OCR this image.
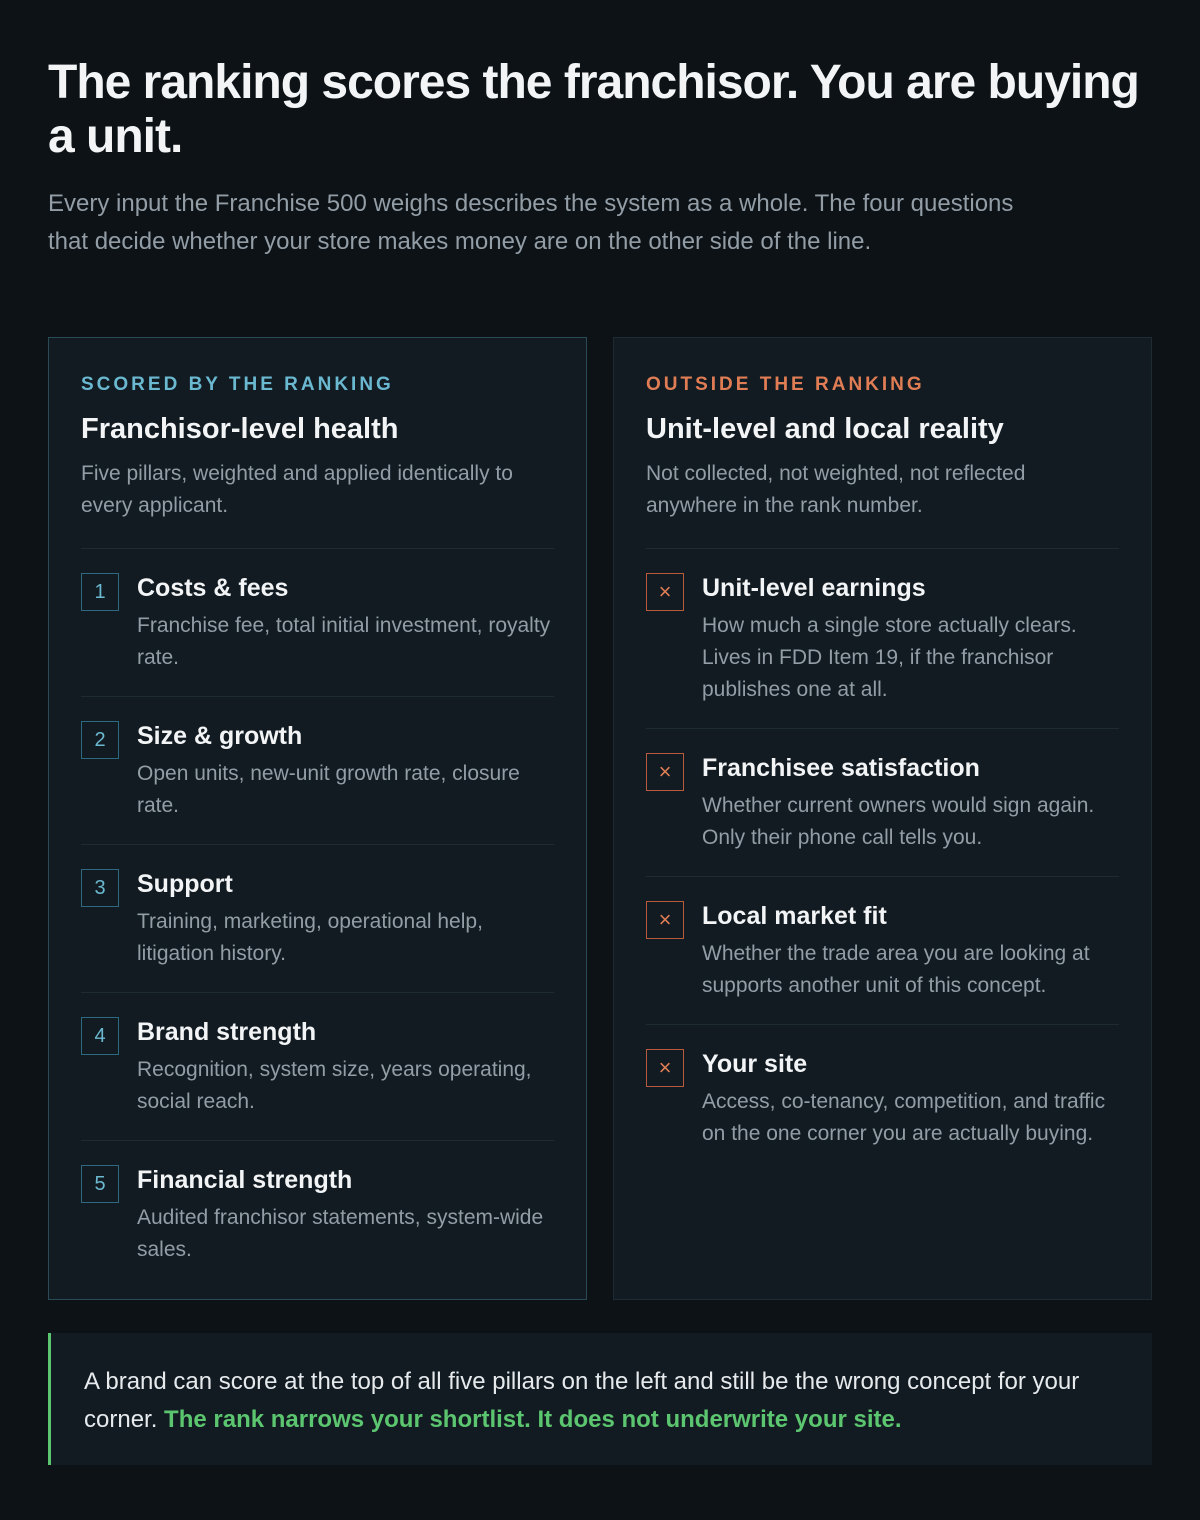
The ranking scores the franchisor. You are buying a unit.

Every input the Franchise 500 weighs describes the system as a whole. The four questions that decide whether your store makes money are on the other side of the line.

SCORED BY THE RANKING
Franchisor-level health

Five pillars, weighted and applied identically to every applicant.

1	Costs & fees
Franchise fee, total initial investment, royalty rate.
2	Size & growth
Open units, new-unit growth rate, closure rate.
3	Support
Training, marketing, operational help, litigation history.
4	Brand strength
Recognition, system size, years operating, social reach.
5	Financial strength
Audited franchisor statements, system-wide sales.
OUTSIDE THE RANKING
Unit-level and local reality

Not collected, not weighted, not reflected anywhere in the rank number.

×	Unit-level earnings
How much a single store actually clears. Lives in FDD Item 19, if the franchisor publishes one at all.
×	Franchisee satisfaction
Whether current owners would sign again. Only their phone call tells you.
×	Local market fit
Whether the trade area you are looking at supports another unit of this concept.
×	Your site
Access, co-tenancy, competition, and traffic on the one corner you are actually buying.
A brand can score at the top of all five pillars on the left and still be the wrong concept for your corner. The rank narrows your shortlist. It does not underwrite your site.
